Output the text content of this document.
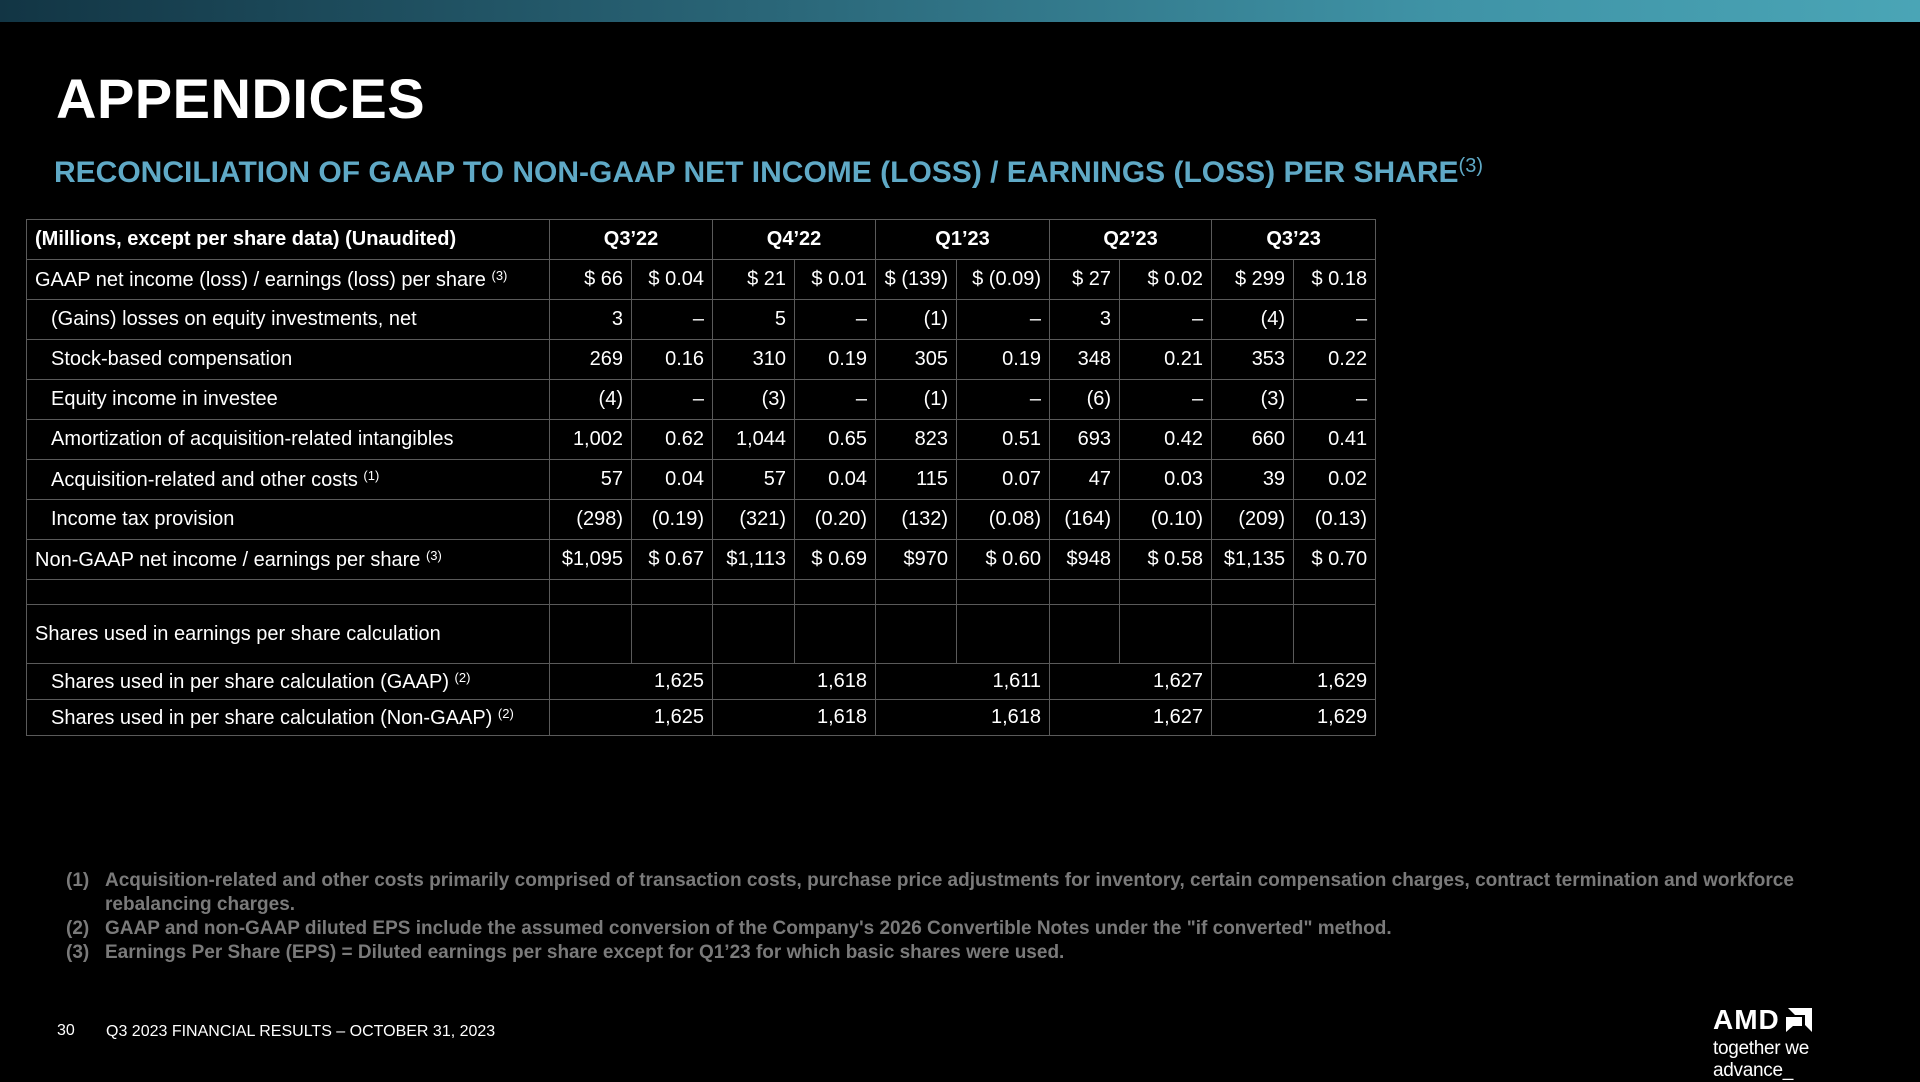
APPENDICES
RECONCILIATION OF GAAP TO NON-GAAP NET INCOME (LOSS) / EARNINGS (LOSS) PER SHARE$^{(3)}$
(Millions, except per share data) (Unaudited)	Q3’22		Q4’22		Q1’23		Q2’23		Q3’23	
GAAP net income (loss) / earnings (loss) per share $^{(3)}$	$ 66	$ 0.04	$ 21	$ 0.01	$ (139)	$ (0.09)	$ 27	$ 0.02	$ 299	$ 0.18
(Gains) losses on equity investments, net	3	–	5	–	(1)	–	3	–	(4)	–
Stock-based compensation	269	0.16	310	0.19	305	0.19	348	0.21	353	0.22
Equity income in investee	(4)	–	(3)	–	(1)	–	(6)	–	(3)	–
Amortization of acquisition-related intangibles	1,002	0.62	1,044	0.65	823	0.51	693	0.42	660	0.41
Acquisition-related and other costs $^{(1)}$	57	0.04	57	0.04	115	0.07	47	0.03	39	0.02
Income tax provision	(298)	(0.19)	(321)	(0.20)	(132)	(0.08)	(164)	(0.10)	(209)	(0.13)
Non-GAAP net income / earnings per share $^{(3)}$	$1,095	$ 0.67	$1,113	$ 0.69	$970	$ 0.60	$948	$ 0.58	$1,135	$ 0.70

Shares used in earnings per share calculation										
Shares used in per share calculation (GAAP) $^{(2)}$	1,625		1,618		1,611		1,627		1,629	
Shares used in per share calculation (Non-GAAP) $^{(2)}$	1,625		1,618		1,618		1,627		1,629	
(1) Acquisition-related and other costs primarily comprised of transaction costs, purchase price adjustments for inventory, certain compensation charges, contract termination and workforce rebalancing charges.
(2) GAAP and non-GAAP diluted EPS include the assumed conversion of the Company's 2026 Convertible Notes under the "if converted" method.
(3) Earnings Per Share (EPS) = Diluted earnings per share except for Q1’23 for which basic shares were used.
30 Q3 2023 FINANCIAL RESULTS – OCTOBER 31, 2023	AMD
together we advance_
